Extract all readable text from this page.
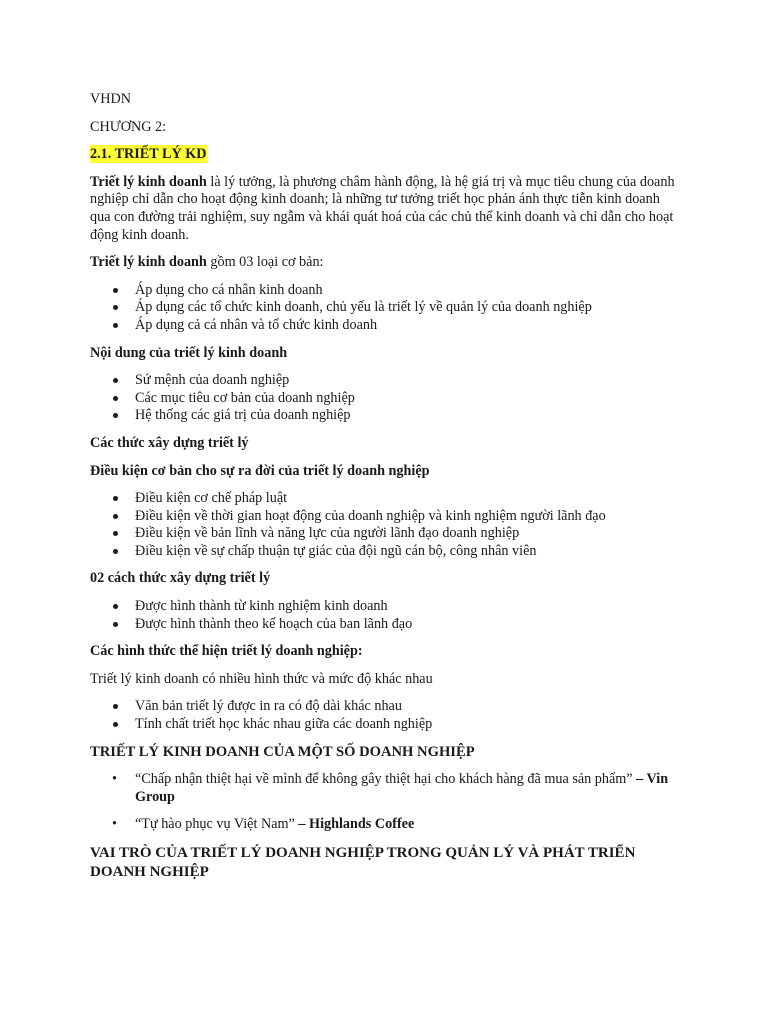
VHDN

CHƯƠNG 2:

2.1. TRIẾT LÝ KD

Triết lý kinh doanh là lý tưởng, là phương châm hành động, là hệ giá trị và mục tiêu chung của doanh nghiệp chỉ dẫn cho hoạt động kinh doanh; là những tư tưởng triết học phản ánh thực tiễn kinh doanh qua con đường trải nghiệm, suy ngẫm và khái quát hoá của các chủ thể kinh doanh và chỉ dẫn cho hoạt động kinh doanh.

Triết lý kinh doanh gồm 03 loại cơ bản:

Áp dụng cho cá nhân kinh doanh
Áp dụng các tổ chức kinh doanh, chủ yếu là triết lý về quản lý của doanh nghiệp
Áp dụng cả cá nhân và tổ chức kinh doanh

Nội dung của triết lý kinh doanh

Sứ mệnh của doanh nghiệp
Các mục tiêu cơ bản của doanh nghiệp
Hệ thống các giá trị của doanh nghiệp

Các thức xây dựng triết lý

Điều kiện cơ bản cho sự ra đời của triết lý doanh nghiệp

Điều kiện cơ chế pháp luật
Điều kiện về thời gian hoạt động của doanh nghiệp và kinh nghiệm người lãnh đạo
Điều kiện về bản lĩnh và năng lực của người lãnh đạo doanh nghiệp
Điều kiện về sự chấp thuận tự giác của đội ngũ cán bộ, công nhân viên

02 cách thức xây dựng triết lý

Được hình thành từ kinh nghiệm kinh doanh
Được hình thành theo kế hoạch của ban lãnh đạo

Các hình thức thể hiện triết lý doanh nghiệp:

Triết lý kinh doanh có nhiều hình thức và mức độ khác nhau

Văn bản triết lý được in ra có độ dài khác nhau
Tính chất triết học khác nhau giữa các doanh nghiệp

TRIẾT LÝ KINH DOANH CỦA MỘT SỐ DOANH NGHIỆP

• “Chấp nhận thiệt hại về mình để không gây thiệt hại cho khách hàng đã mua sản phẩm” – Vin Group
• “Tự hào phục vụ Việt Nam” – Highlands Coffee

VAI TRÒ CỦA TRIẾT LÝ DOANH NGHIỆP TRONG QUẢN LÝ VÀ PHÁT TRIỂN DOANH NGHIỆP
